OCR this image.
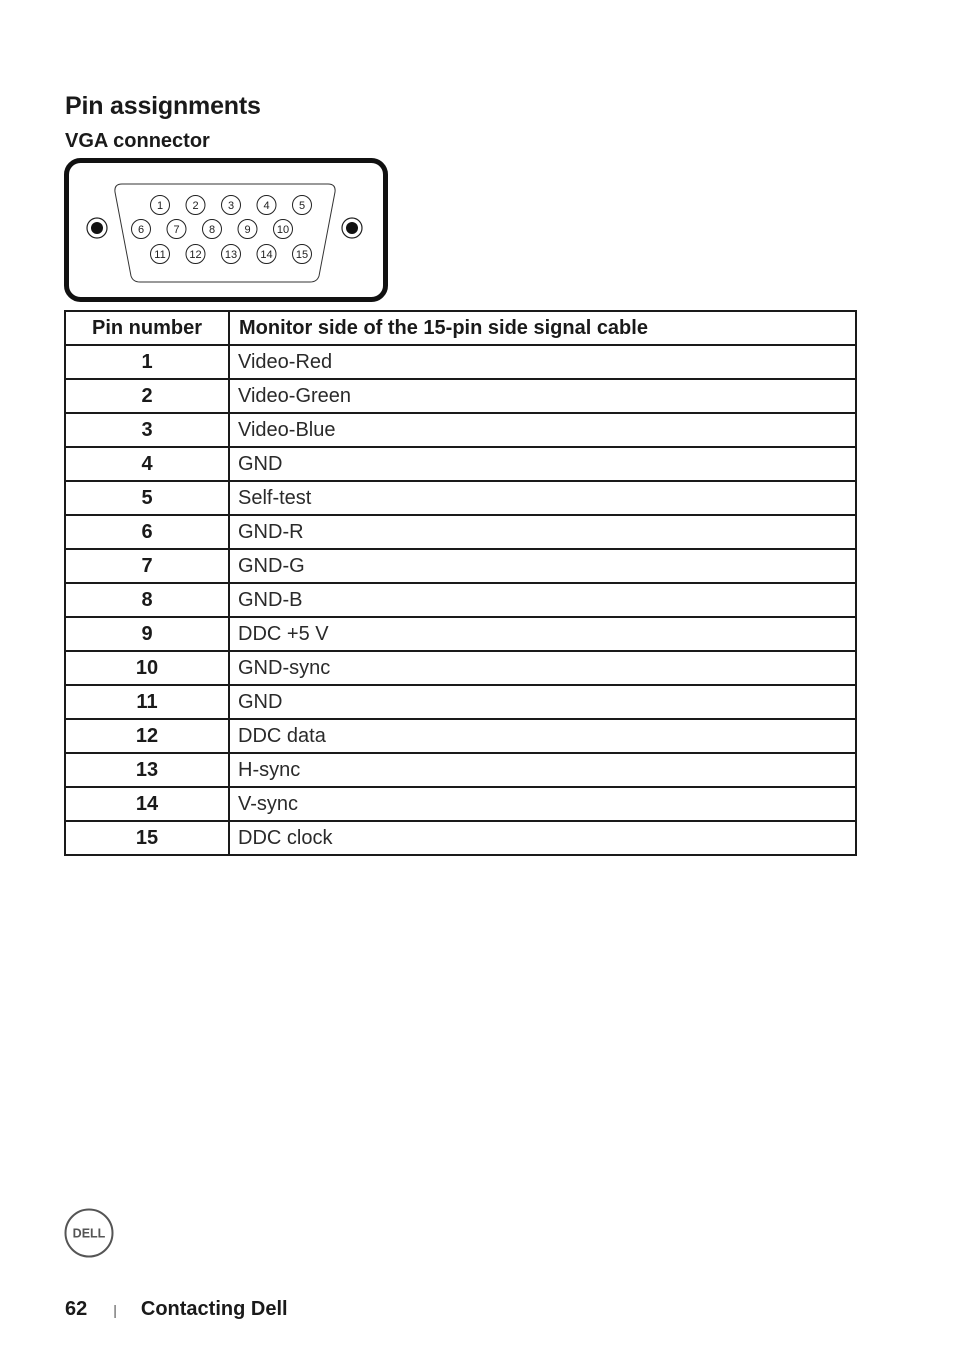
Pin assignments
VGA connector
1	2	3	4	5
6	7	8	9 10
11 12 13 14 15
Pin number	Monitor side of the 15-pin side signal cable
1	Video-Red
2	Video-Green
3	Video-Blue
4	GND
5	Self-test
6	GND-R
7	GND-G
8	GND-B
9	DDC +5 V
10	GND-sync
11	GND
12	DDC data
13	H-sync
14	V-sync
15	DDC clock
DELL
62 | Contacting Dell
